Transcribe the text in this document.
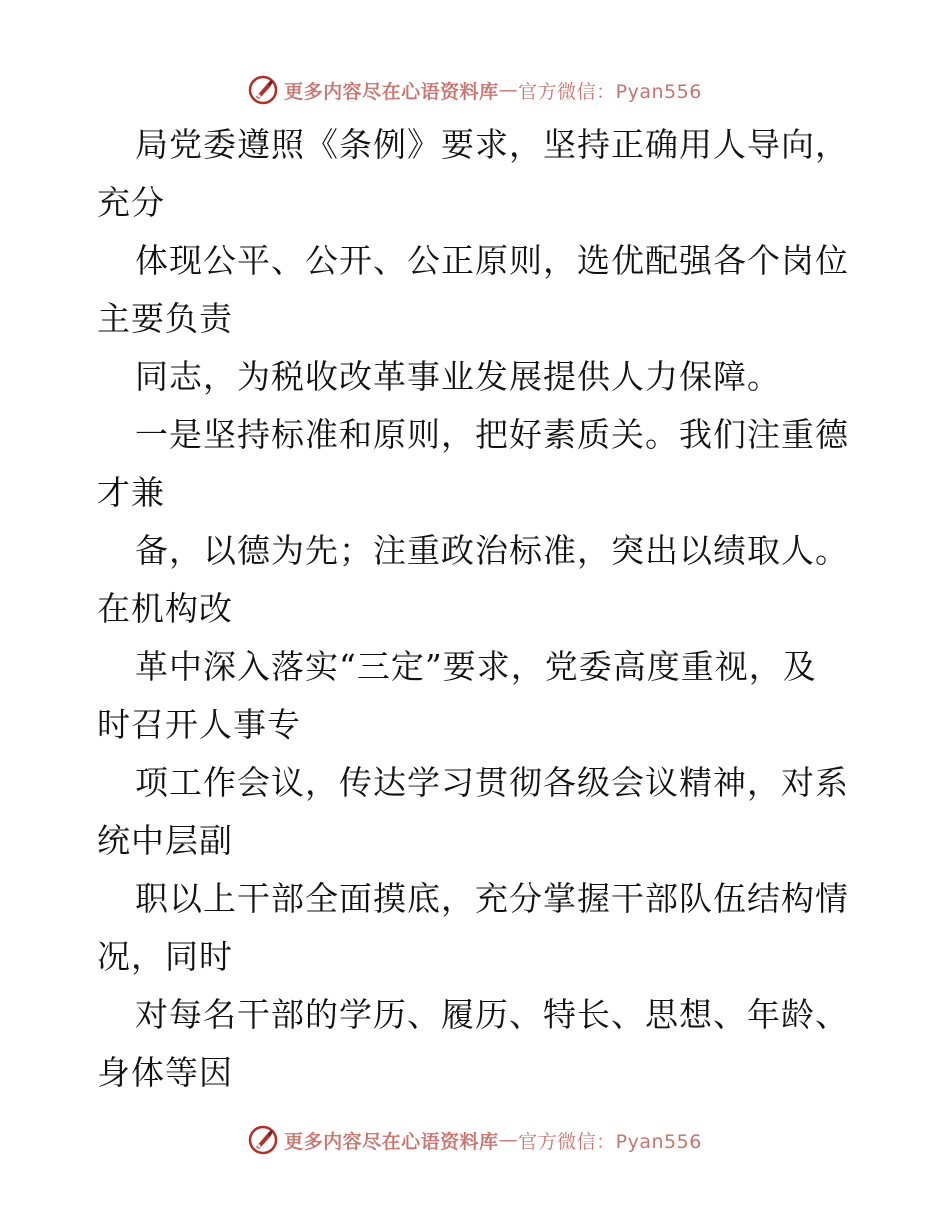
更多内容尽在心语资料库 — 官方微信：Pyan556
局党委遵照《条例》要求，坚持正确用人导向，
充分
体现公平、公开、公正原则，选优配强各个岗位
主要负责
同志，为税收改革事业发展提供人力保障。
一是坚持标准和原则，把好素质关。我们注重德
才兼
备，以德为先；注重政治标准，突出以绩取人。
在机构改
革中深入落实“三定”要求，党委高度重视，及
时召开人事专
项工作会议，传达学习贯彻各级会议精神，对系
统中层副
职以上干部全面摸底，充分掌握干部队伍结构情
况，同时
对每名干部的学历、履历、特长、思想、年龄、
身体等因
更多内容尽在心语资料库 — 官方微信：Pyan556
